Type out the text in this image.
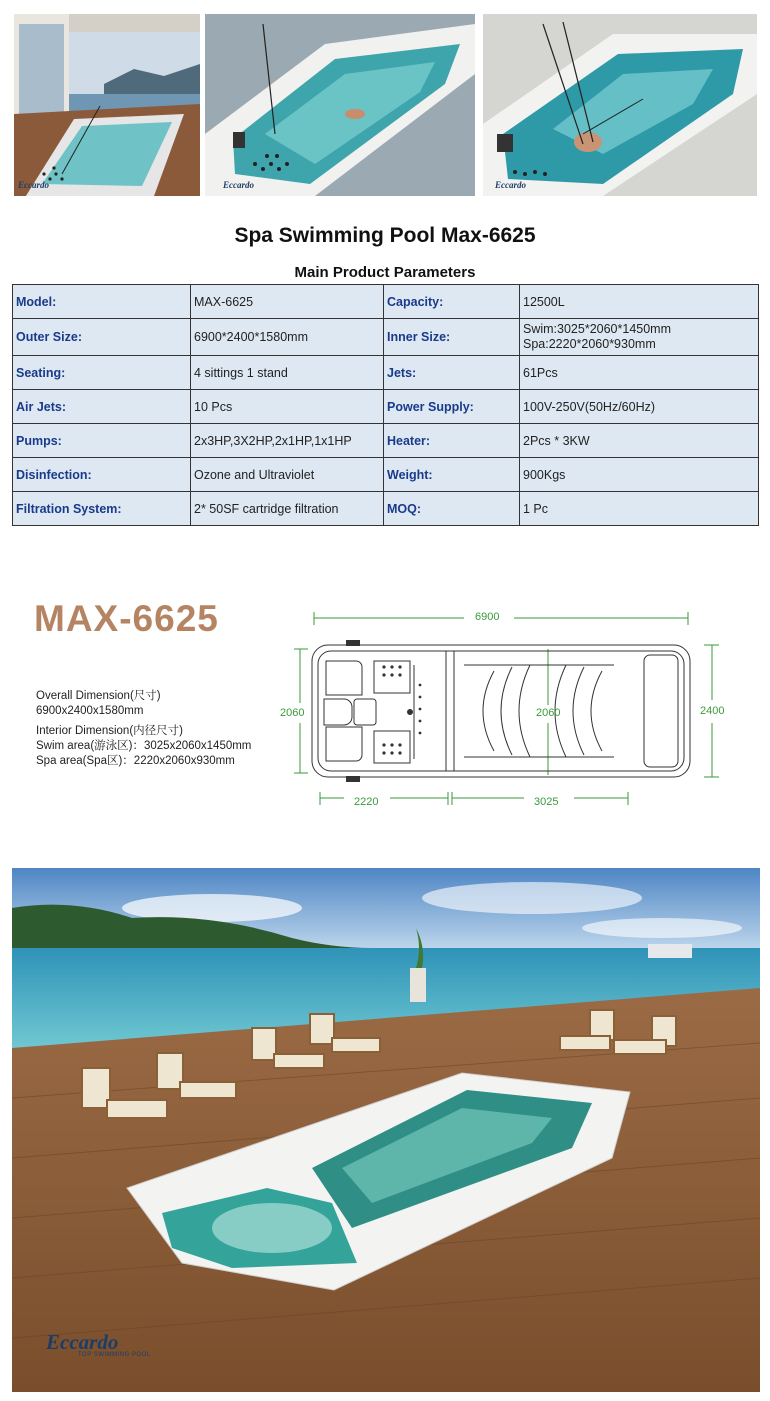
Eccardo	Eccardo	Eccardo
Spa Swimming Pool Max-6625
Main Product Parameters
Model:	MAX-6625	Capacity:	12500L
Outer Size:	6900*2400*1580mm	Inner Size:	Swim:3025*2060*1450mm
Spa:2220*2060*930mm

Seating:	4 sittings 1 stand	Jets:	61Pcs
Air Jets:	10 Pcs	Power Supply:	100V-250V(50Hz/60Hz)
Pumps:	2x3HP,3X2HP,2x1HP,1x1HP	Heater:	2Pcs * 3KW
Disinfection:	Ozone and Ultraviolet	Weight:	900Kgs
Filtration System:	2* 50SF cartridge filtration	MOQ:	1 Pc
MAX-6625
Overall Dimension(尺寸)
6900x2400x1580mm
Interior Dimension(内径尺寸)
Swim area(游泳区)：3025x2060x1450mm
Spa area(Spa区)：2220x2060x930mm
6900
2400
2060	2060
2220	3025
Eccardo
TOP SWIMMING POOL
